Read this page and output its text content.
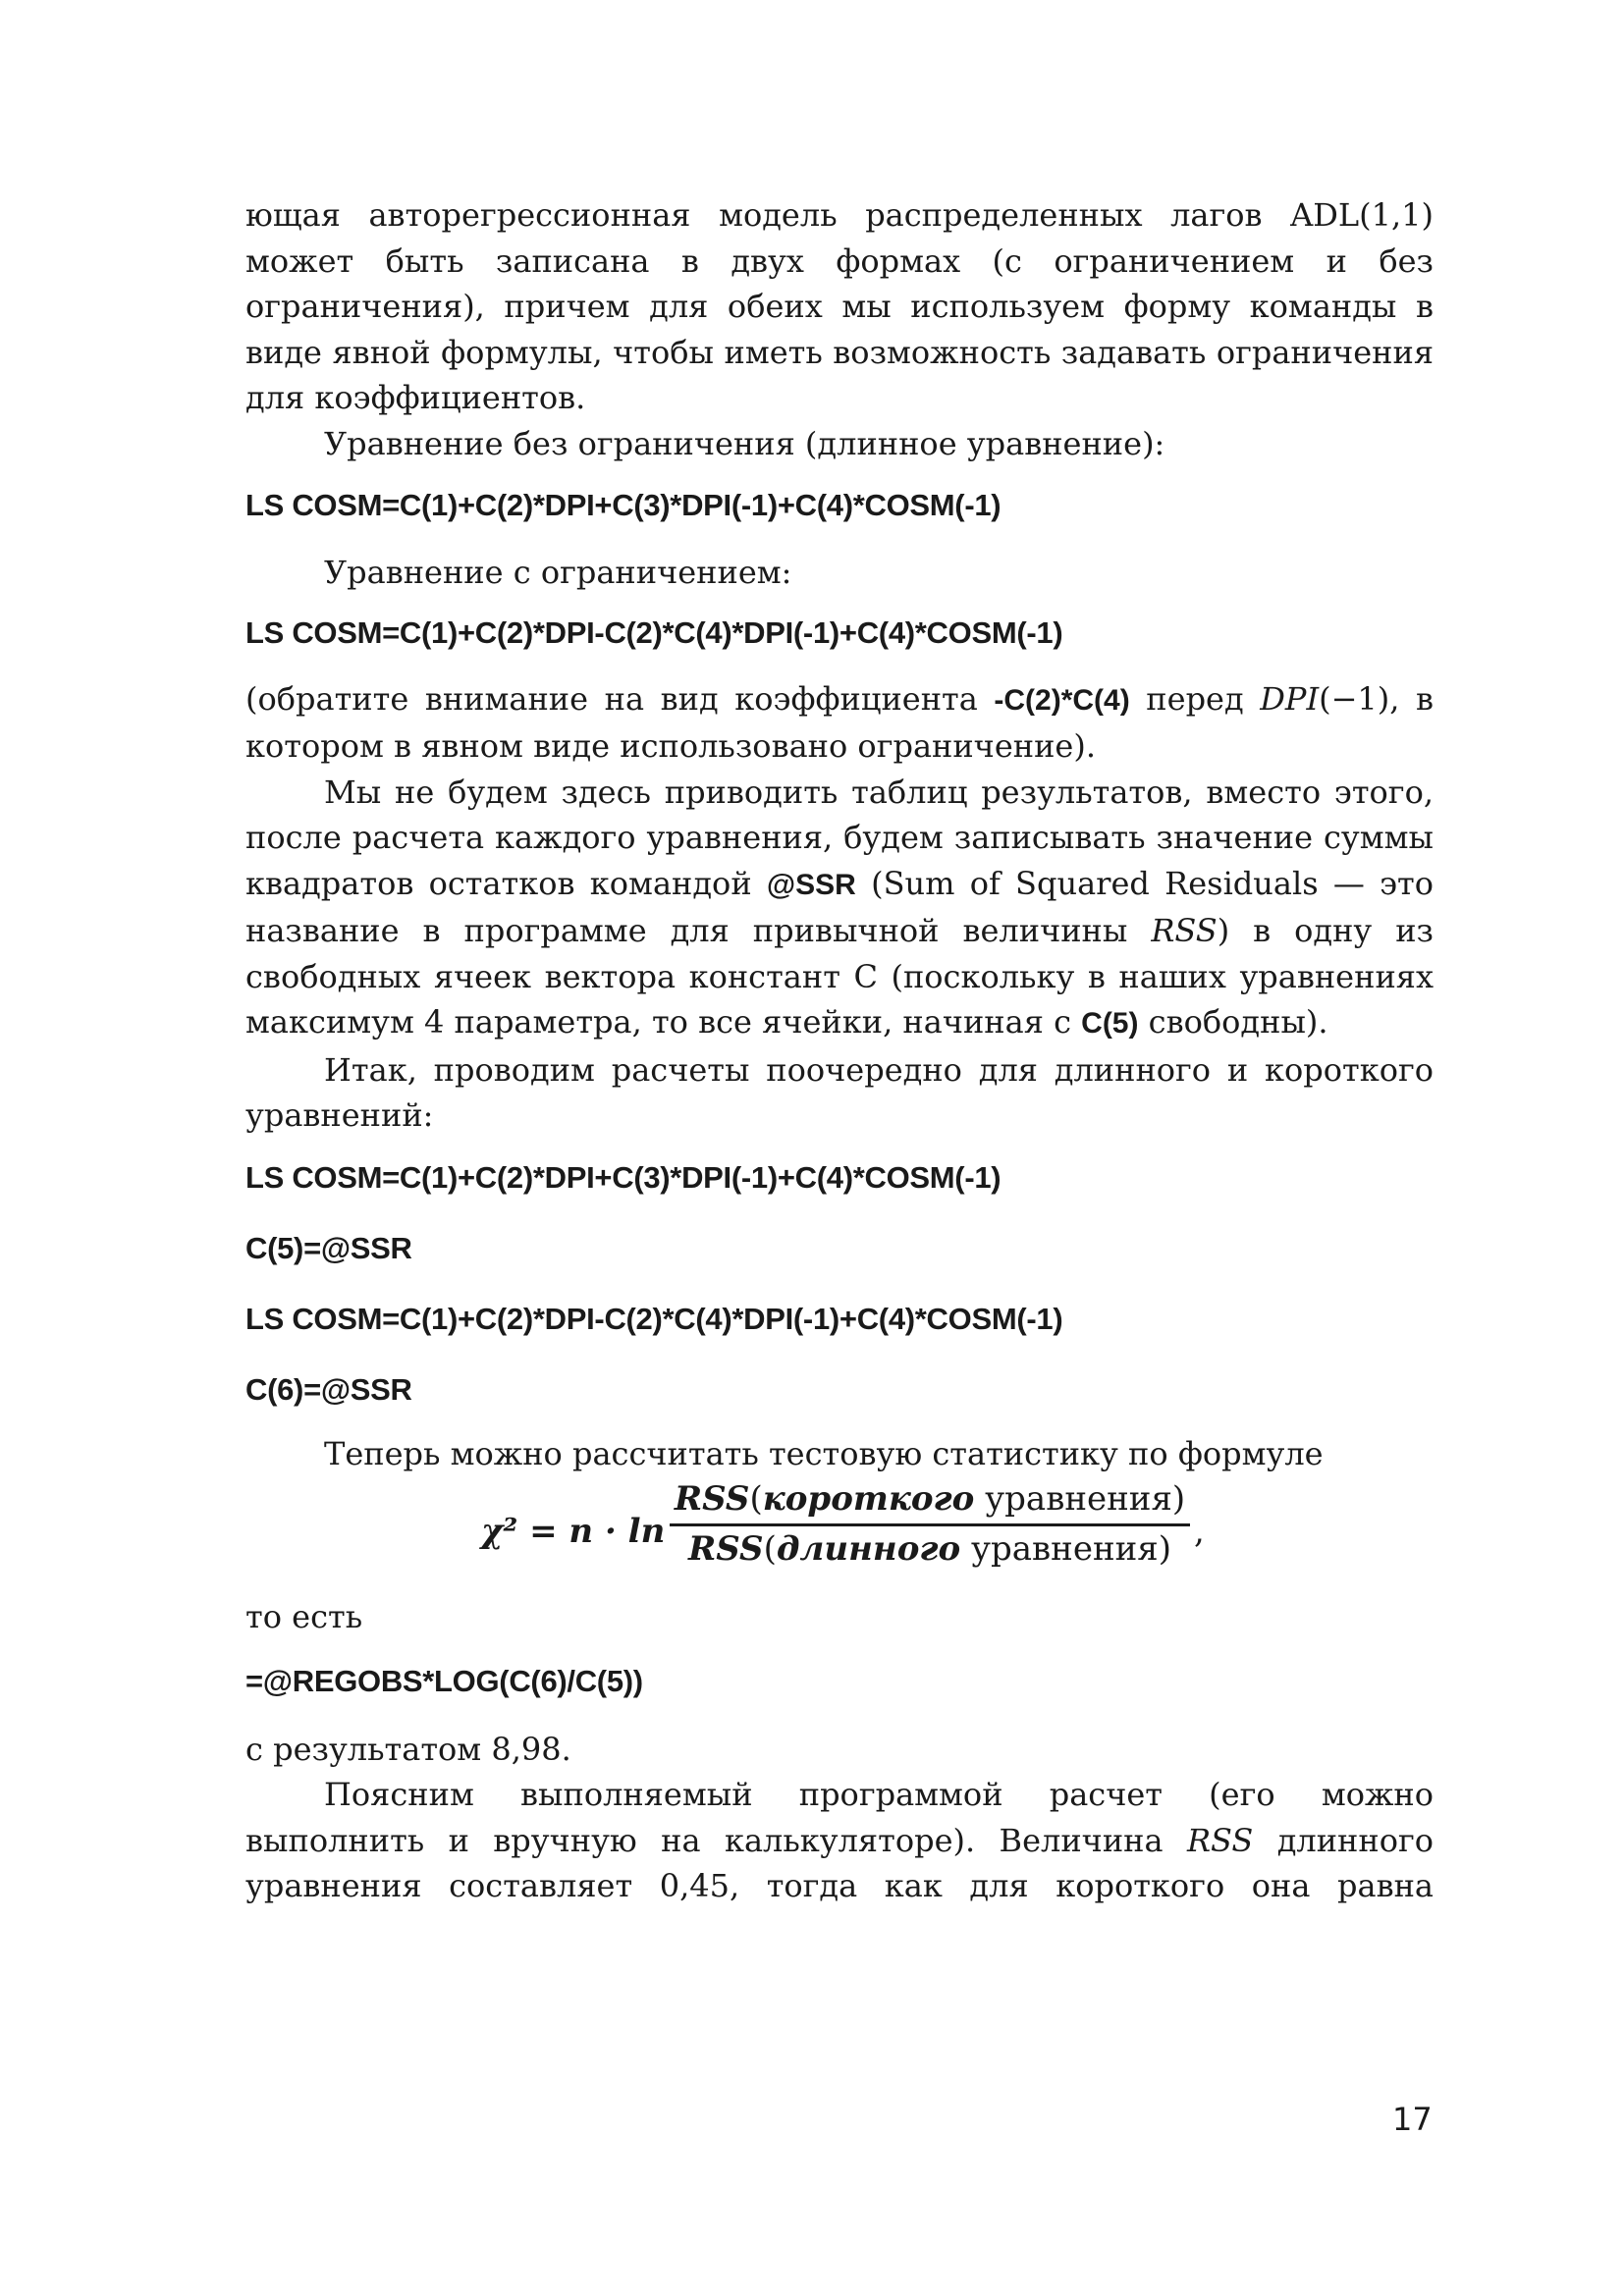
ющая авторегрессионная модель распределенных лагов ADL(1,1) может быть записана в двух формах (с ограничением и без ограничения), причем для обеих мы используем форму команды в виде явной формулы, чтобы иметь возможность задавать ограничения для коэффициентов.

Уравнение без ограничения (длинное уравнение):

LS COSM=C(1)+C(2)*DPI+C(3)*DPI(-1)+C(4)*COSM(-1)

Уравнение с ограничением:

LS COSM=C(1)+C(2)*DPI-C(2)*C(4)*DPI(-1)+C(4)*COSM(-1)

(обратите внимание на вид коэффициента -C(2)*C(4) перед DPI(−1), в котором в явном виде использовано ограничение).

Мы не будем здесь приводить таблиц результатов, вместо этого, после расчета каждого уравнения, будем записывать значение суммы квадратов остатков командой @SSR (Sum of Squared Residuals — это название в программе для привычной величины RSS) в одну из свободных ячеек вектора констант C (поскольку в наших уравнениях максимум 4 параметра, то все ячейки, начиная с C(5) свободны).

Итак, проводим расчеты поочередно для длинного и короткого уравнений:

LS COSM=C(1)+C(2)*DPI+C(3)*DPI(-1)+C(4)*COSM(-1)

C(5)=@SSR

LS COSM=C(1)+C(2)*DPI-C(2)*C(4)*DPI(-1)+C(4)*COSM(-1)

C(6)=@SSR

Теперь можно рассчитать тестовую статистику по формуле

χ² = n · ln
RSS(короткого уравнения)
RSS(длинного уравнения) ,

то есть

=@REGOBS*LOG(C(6)/C(5))

с результатом 8,98.

Поясним выполняемый программой расчет (его можно выполнить и вручную на калькуляторе). Величина RSS длинного уравнения составляет 0,45, тогда как для короткого она равна

17
